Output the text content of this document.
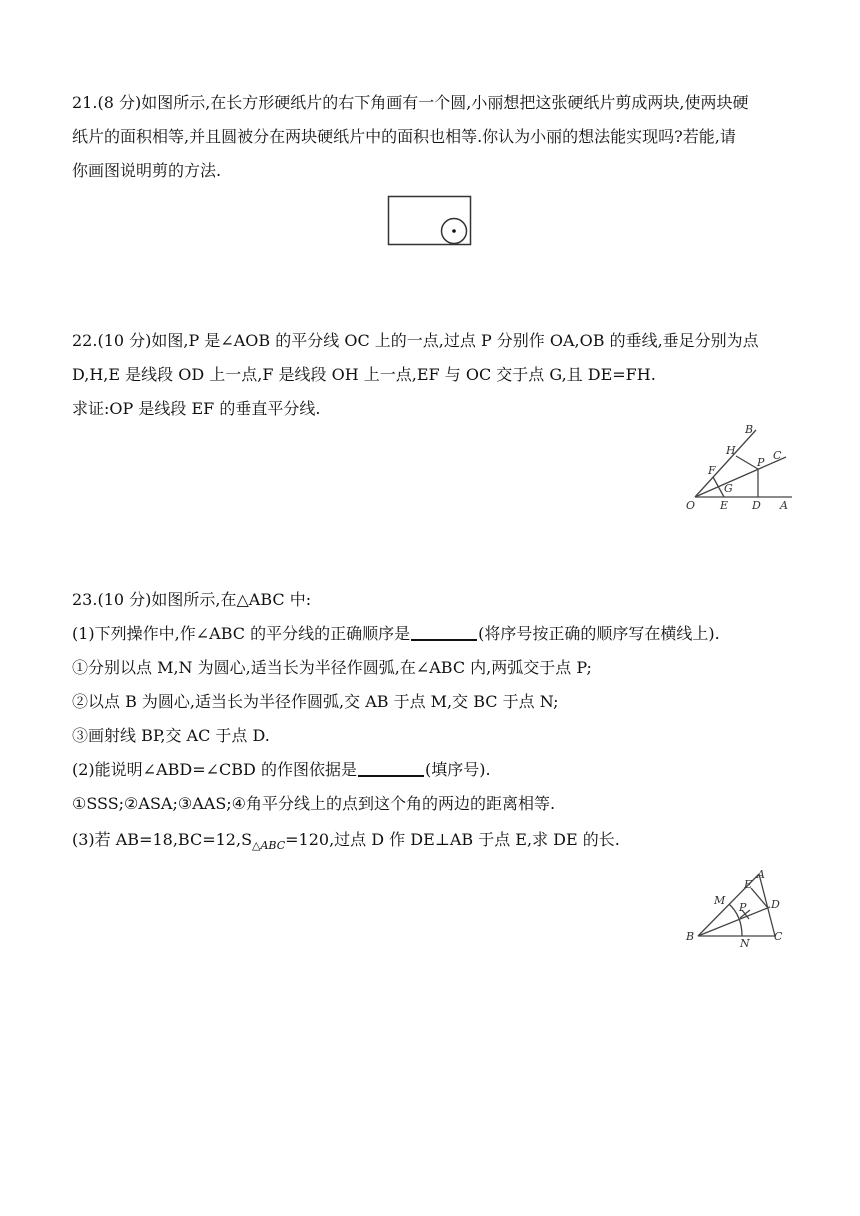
21.(8 分)如图所示,在长方形硬纸片的右下角画有一个圆,小丽想把这张硬纸片剪成两块,使两块硬
纸片的面积相等,并且圆被分在两块硬纸片中的面积也相等.你认为小丽的想法能实现吗?若能,请
你画图说明剪的方法.
22.(10 分)如图,P 是∠AOB 的平分线 OC 上的一点,过点 P 分别作 OA,OB 的垂线,垂足分别为点
D,H,E 是线段 OD 上一点,F 是线段 OH 上一点,EF 与 OC 交于点 G,且 DE=FH.
求证:OP 是线段 EF 的垂直平分线.
O E D A
B
H	C
P
F
G
23.(10 分)如图所示,在△ABC 中:
(1)下列操作中,作∠ABC 的平分线的正确顺序是	(将序号按正确的顺序写在横线上).
①分别以点 M,N 为圆心,适当长为半径作圆弧,在∠ABC 内,两弧交于点 P;
②以点 B 为圆心,适当长为半径作圆弧,交 AB 于点 M,交 BC 于点 N;
③画射线 BP,交 AC 于点 D.
(2)能说明∠ABD=∠CBD 的作图依据是	(填序号).
①SSS;②ASA;③AAS;④角平分线上的点到这个角的两边的距离相等.
(3)若 $AB=18,BC=12,S_{\triangle ABC}=120$,过点 D 作 DE⊥AB 于点 E,求 DE 的长.
B
N
C
M
E
A
P D
